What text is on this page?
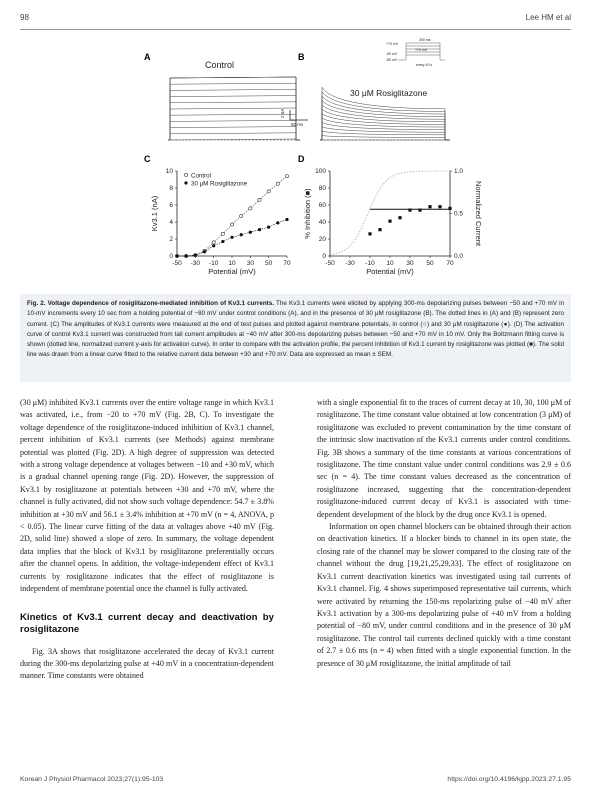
98	Lee HM et al
A	B
C	D
Control
30 μM Rosiglitazone
2 nA
50 ms
+70 mV
-50 mV
-80 mV
300 ms
+70 mV
every 10 s
-50 -30 -10 10 30 50 70
0
2
4
6
8
10
Potential (mV)
Kv3.1 (nA)
Control
30 μM Rosiglitazone
-50 -30 -10 10 30 50 70
0
20
40
60
80
100
0.0
0.5
1.0
Potential (mV)
% Inhibition (■)	Normalized Current
Fig. 2. Voltage dependence of rosiglitazone-mediated inhibition of Kv3.1 currents. The Kv3.1 currents were elicited by applying 300-ms depolarizing pulses between −50 and +70 mV in 10-mV increments every 10 sec from a holding potential of −80 mV under control conditions (A), and in the presence of 30 μM rosiglitazone (B). The dotted lines in (A) and (B) represent zero current. (C) The amplitudes of Kv3.1 currents were measured at the end of test pulses and plotted against membrane potentials, in control (○) and 30 μM rosiglitazone (●). (D) The activation curve of control Kv3.1 current was constructed from tail current amplitudes at −40 mV after 300-ms depolarizing pulses between −50 and +70 mV in 10 mV. Only the Boltzmann fitting curve is shown (dotted line, normalized current y-axis for activation curve). In order to compare with the activation profile, the percent inhibition of Kv3.1 current by rosiglitazone was plotted (■). The solid line was drawn from a linear curve fitted to the relative current data between +30 and +70 mV. Data are expressed as mean ± SEM.

(30 μM) inhibited Kv3.1 currents over the entire voltage range in which Kv3.1 was activated, i.e., from −20 to +70 mV (Fig. 2B, C). To investigate the voltage dependence of the rosiglitazone-induced inhibition of Kv3.1 channel, percent inhibition of Kv3.1 currents (see Methods) against membrane potential was plotted (Fig. 2D). A high degree of suppression was detected with a strong voltage dependence at voltages between −10 and +30 mV, which is a gradual channel opening range (Fig. 2D). However, the suppression of Kv3.1 by rosiglitazone at potentials between +30 and +70 mV, where the channel is fully activated, did not show such voltage dependence: 54.7 ± 3.8% inhibition at +30 mV and 56.1 ± 3.4% inhibition at +70 mV (n = 4, ANOVA, p < 0.05). The linear curve fitting of the data at voltages above +40 mV (Fig. 2D, solid line) showed a slope of zero. In summary, the voltage dependent data implies that the block of Kv3.1 by rosiglitazone preferentially occurs after the channel opens. In addition, the voltage-independent effect of Kv3.1 currents by rosiglitazone indicates that the effect of rosiglitazone is independent of membrane potential once the channel is fully activated.

Kinetics of Kv3.1 current decay and deactivation by rosiglitazone

Fig. 3A shows that rosiglitazone accelerated the decay of Kv3.1 current during the 300-ms depolarizing pulse at +40 mV in a concentration-dependent manner. Time constants were obtained

with a single exponential fit to the traces of current decay at 10, 30, 100 μM of rosiglitazone. The time constant value obtained at low concentration (3 μM) of rosiglitazone was excluded to prevent contamination by the time constant of the intrinsic slow inactivation of the Kv3.1 currents under control conditions. Fig. 3B shows a summary of the time constants at various concentrations of rosiglitazone. The time constant value under control conditions was 2.9 ± 0.6 sec (n = 4). The time constant values decreased as the concentration of rosiglitazone increased, suggesting that the concentration-dependent rosiglitazone-induced current decay of Kv3.1 is associated with time-dependent development of the block by the drug once Kv3.1 is opened.

Information on open channel blockers can be obtained through their action on deactivation kinetics. If a blocker binds to channel in its open state, the closing rate of the channel may be slower compared to the closing rate of the channel without the drug [19,21,25,29,33]. The effect of rosiglitazone on Kv3.1 current deactivation kinetics was investigated using tail currents of Kv3.1 channel. Fig. 4 shows superimposed representative tail currents, which were activated by returning the 150-ms repolarizing pulse of −40 mV after Kv3.1 activation by a 300-ms depolarizing pulse of +40 mV from a holding potential of −80 mV, under control conditions and in the presence of 30 μM rosiglitazone. The control tail currents declined quickly with a time constant of 2.7 ± 0.6 ms (n = 4) when fitted with a single exponential function. In the presence of 30 μM rosiglitazone, the initial amplitude of tail

Korean J Physiol Pharmacol 2023;27(1):95-103	https://doi.org/10.4196/kjpp.2023.27.1.95
